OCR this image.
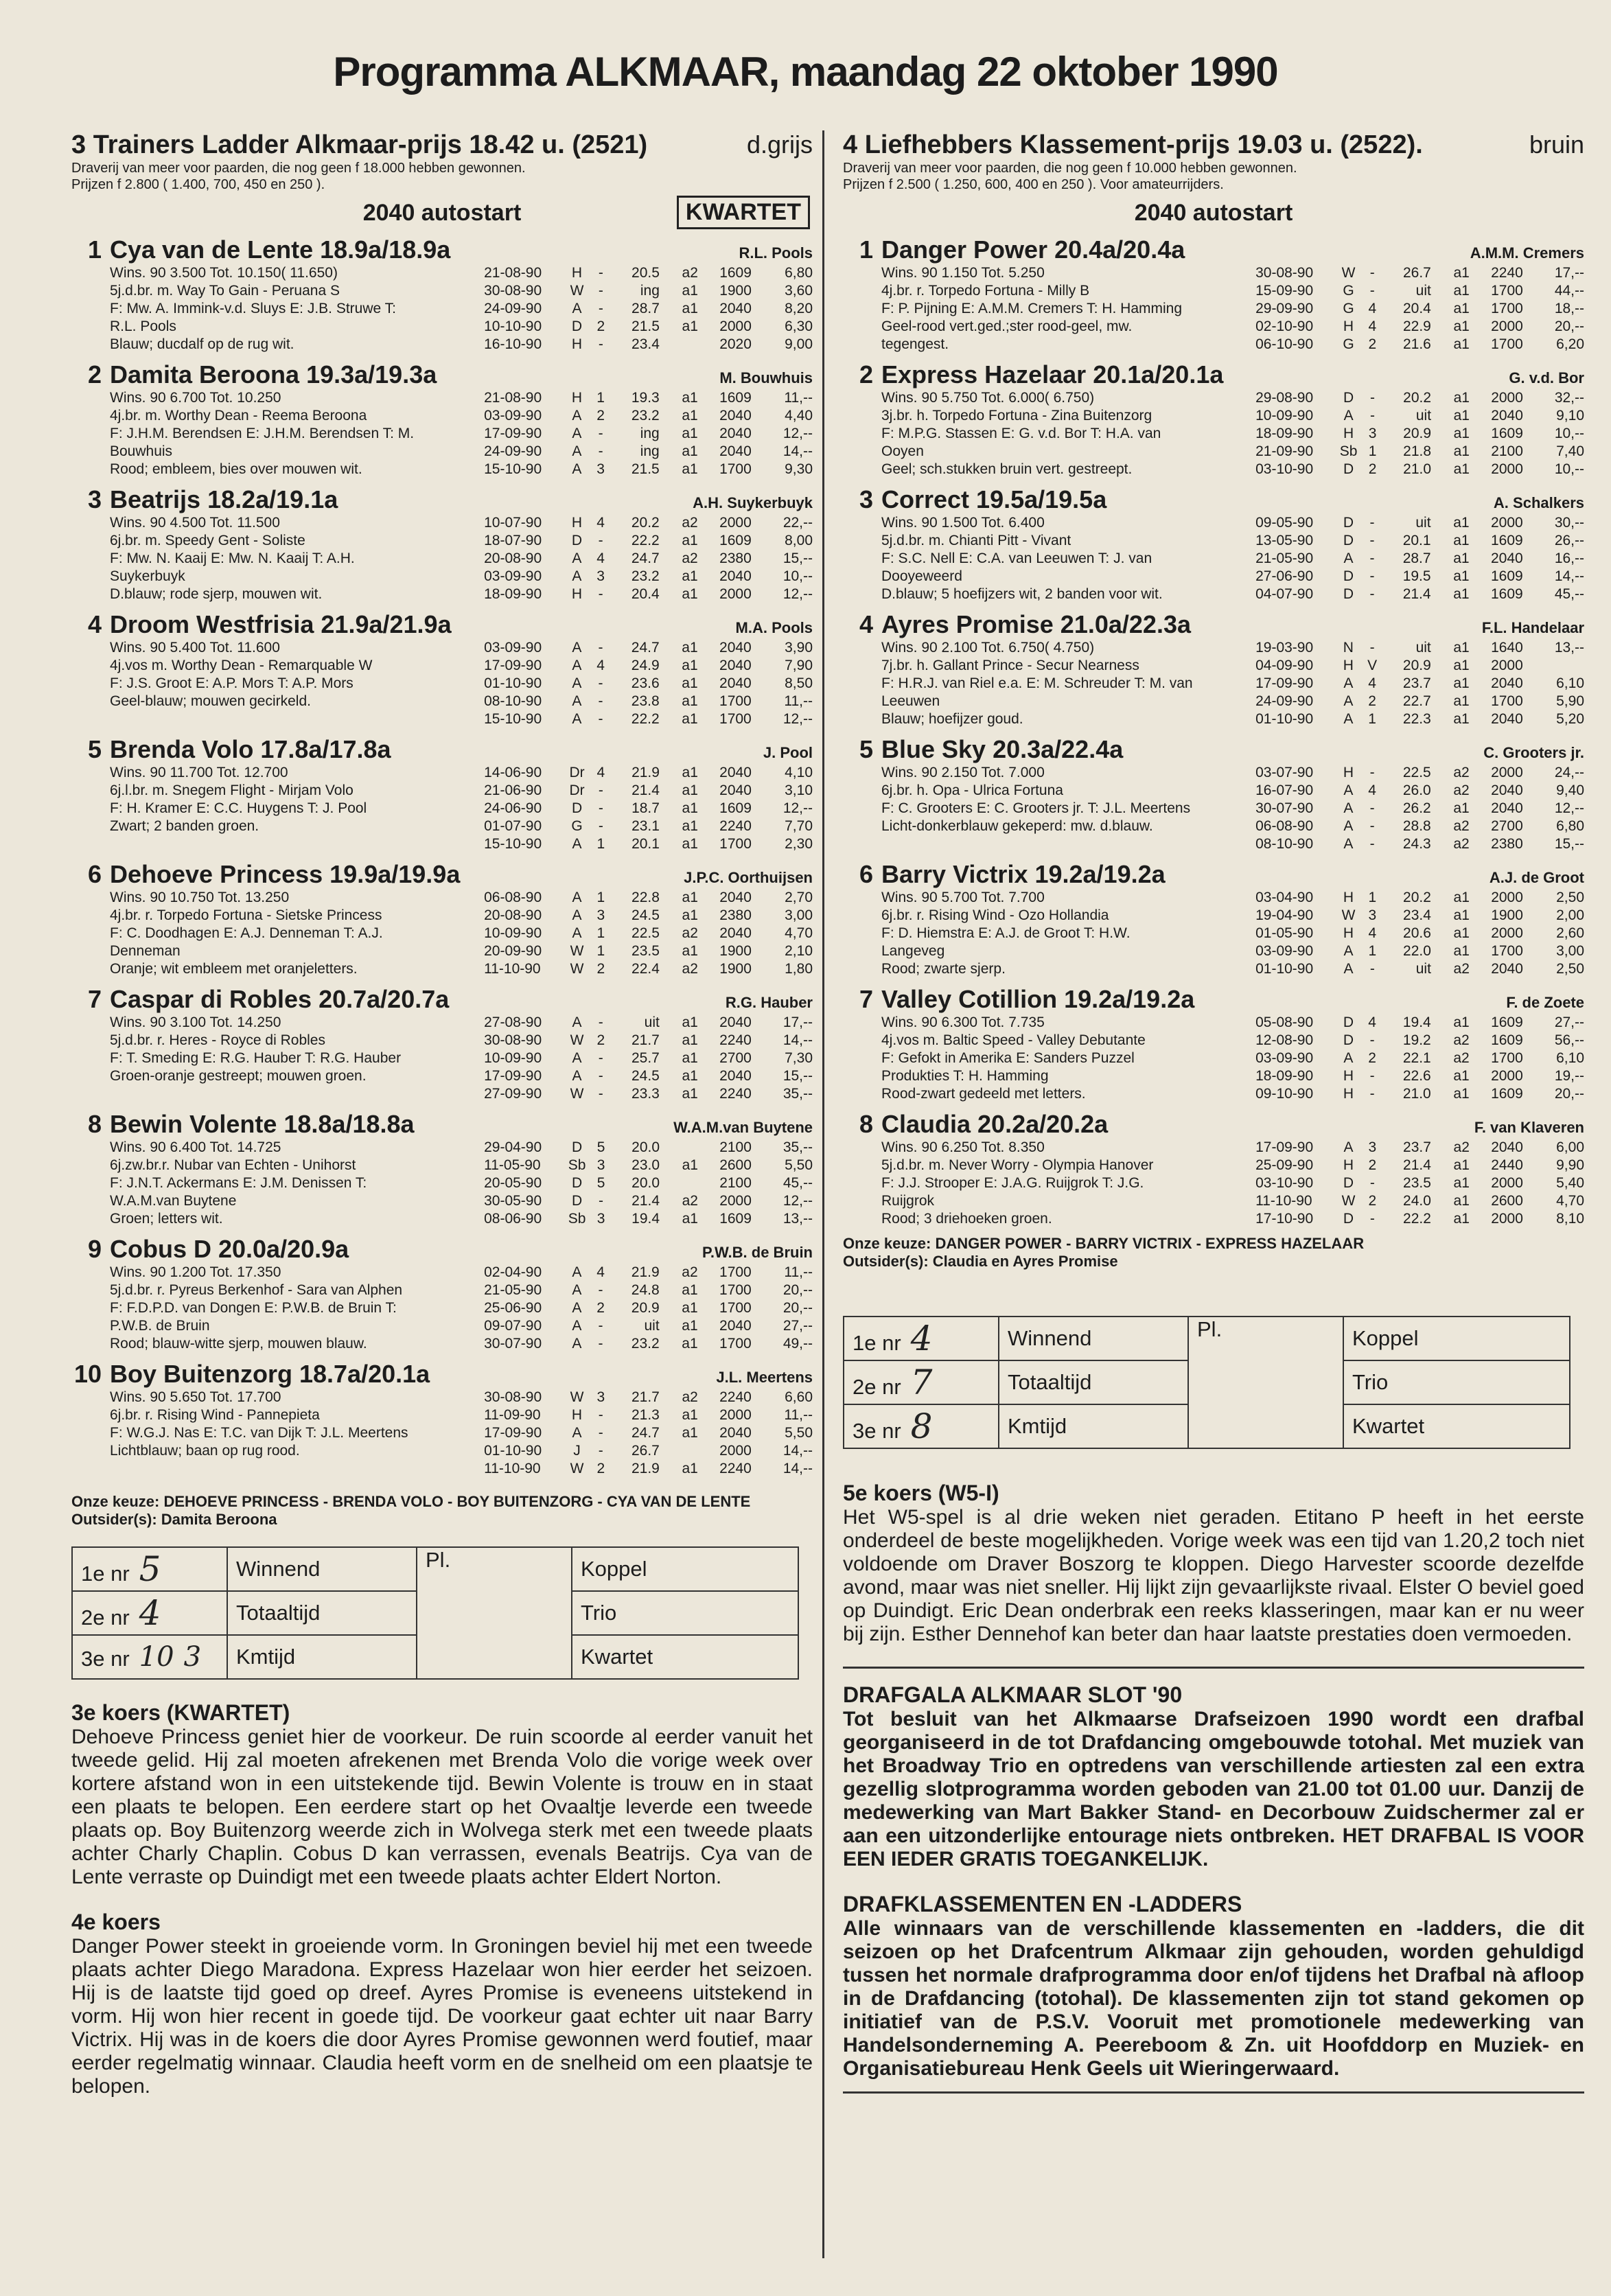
Programma ALKMAAR, maandag 22 oktober 1990
3 Trainers Ladder Alkmaar-prijs 18.42 u. (2521)	d.grijs
Draverij van meer voor paarden, die nog geen f 18.000 hebben gewonnen.
Prijzen f 2.800 ( 1.400, 700, 450 en 250 ).
2040 autostart	KWARTET
1 Cya van de Lente 18.9a/18.9a	R.L. Pools
Wins. 90 3.500 Tot. 10.150( 11.650)
5j.d.br. m. Way To Gain - Peruana S
F: Mw. A. Immink-v.d. Sluys E: J.B. Struwe T:
R.L. Pools
Blauw; ducdalf op de rug wit.
21-08-90	H	-	20.5	a2	1609	6,80
30-08-90	W	-	ing	a1	1900	3,60
24-09-90	A	-	28.7	a1	2040	8,20
10-10-90	D	2	21.5	a1	2000	6,30
16-10-90	H	-	23.4		2020	9,00
2 Damita Beroona 19.3a/19.3a	M. Bouwhuis
Wins. 90 6.700 Tot. 10.250
4j.br. m. Worthy Dean - Reema Beroona
F: J.H.M. Berendsen E: J.H.M. Berendsen T: M.
Bouwhuis
Rood; embleem, bies over mouwen wit.
21-08-90	H	1	19.3	a1	1609	11,--
03-09-90	A	2	23.2	a1	2040	4,40
17-09-90	A	-	ing	a1	2040	12,--
24-09-90	A	-	ing	a1	2040	14,--
15-10-90	A	3	21.5	a1	1700	9,30
3 Beatrijs 18.2a/19.1a	A.H. Suykerbuyk
Wins. 90 4.500 Tot. 11.500
6j.br. m. Speedy Gent - Soliste
F: Mw. N. Kaaij E: Mw. N. Kaaij T: A.H.
Suykerbuyk
D.blauw; rode sjerp, mouwen wit.
10-07-90	H	4	20.2	a2	2000	22,--
18-07-90	D	-	22.2	a1	1609	8,00
20-08-90	A	4	24.7	a2	2380	15,--
03-09-90	A	3	23.2	a1	2040	10,--
18-09-90	H	-	20.4	a1	2000	12,--
4 Droom Westfrisia 21.9a/21.9a	M.A. Pools
Wins. 90 5.400 Tot. 11.600
4j.vos m. Worthy Dean - Remarquable W
F: J.S. Groot E: A.P. Mors T: A.P. Mors
Geel-blauw; mouwen gecirkeld.
03-09-90	A	-	24.7	a1	2040	3,90
17-09-90	A	4	24.9	a1	2040	7,90
01-10-90	A	-	23.6	a1	2040	8,50
08-10-90	A	-	23.8	a1	1700	11,--
15-10-90	A	-	22.2	a1	1700	12,--
5 Brenda Volo 17.8a/17.8a	J. Pool
Wins. 90 11.700 Tot. 12.700
6j.l.br. m. Snegem Flight - Mirjam Volo
F: H. Kramer E: C.C. Huygens T: J. Pool
Zwart; 2 banden groen.
14-06-90	Dr	4	21.9	a1	2040	4,10
21-06-90	Dr	-	21.4	a1	2040	3,10
24-06-90	D	-	18.7	a1	1609	12,--
01-07-90	G	-	23.1	a1	2240	7,70
15-10-90	A	1	20.1	a1	1700	2,30
6 Dehoeve Princess 19.9a/19.9a	J.P.C. Oorthuijsen
Wins. 90 10.750 Tot. 13.250
4j.br. r. Torpedo Fortuna - Sietske Princess
F: C. Doodhagen E: A.J. Denneman T: A.J.
Denneman
Oranje; wit embleem met oranjeletters.
06-08-90	A	1	22.8	a1	2040	2,70
20-08-90	A	3	24.5	a1	2380	3,00
10-09-90	A	1	22.5	a2	2040	4,70
20-09-90	W	1	23.5	a1	1900	2,10
11-10-90	W	2	22.4	a2	1900	1,80
7 Caspar di Robles 20.7a/20.7a	R.G. Hauber
Wins. 90 3.100 Tot. 14.250
5j.d.br. r. Heres - Royce di Robles
F: T. Smeding E: R.G. Hauber T: R.G. Hauber
Groen-oranje gestreept; mouwen groen.
27-08-90	A	-	uit	a1	2040	17,--
30-08-90	W	2	21.7	a1	2240	14,--
10-09-90	A	-	25.7	a1	2700	7,30
17-09-90	A	-	24.5	a1	2040	15,--
27-09-90	W	-	23.3	a1	2240	35,--
8 Bewin Volente 18.8a/18.8a	W.A.M.van Buytene
Wins. 90 6.400 Tot. 14.725
6j.zw.br.r. Nubar van Echten - Unihorst
F: J.N.T. Ackermans E: J.M. Denissen T:
W.A.M.van Buytene
Groen; letters wit.
29-04-90	D	5	20.0		2100	35,--
11-05-90	Sb	3	23.0	a1	2600	5,50
20-05-90	D	5	20.0		2100	45,--
30-05-90	D	-	21.4	a2	2000	12,--
08-06-90	Sb	3	19.4	a1	1609	13,--
9 Cobus D 20.0a/20.9a	P.W.B. de Bruin
Wins. 90 1.200 Tot. 17.350
5j.d.br. r. Pyreus Berkenhof - Sara van Alphen
F: F.D.P.D. van Dongen E: P.W.B. de Bruin T:
P.W.B. de Bruin
Rood; blauw-witte sjerp, mouwen blauw.
02-04-90	A	4	21.9	a2	1700	11,--
21-05-90	A	-	24.8	a1	1700	20,--
25-06-90	A	2	20.9	a1	1700	20,--
09-07-90	A	-	uit	a1	2040	27,--
30-07-90	A	-	23.2	a1	1700	49,--
10 Boy Buitenzorg 18.7a/20.1a	J.L. Meertens
Wins. 90 5.650 Tot. 17.700
6j.br. r. Rising Wind - Pannepieta
F: W.G.J. Nas E: T.C. van Dijk T: J.L. Meertens
Lichtblauw; baan op rug rood.
30-08-90	W	3	21.7	a2	2240	6,60
11-09-90	H	-	21.3	a1	2000	11,--
17-09-90	A	-	24.7	a1	2040	5,50
01-10-90	J	-	26.7		2000	14,--
11-10-90	W	2	21.9	a1	2240	14,--
Onze keuze: DEHOEVE PRINCESS - BRENDA VOLO - BOY BUITENZORG - CYA VAN DE LENTE
Outsider(s): Damita Beroona
1e nr 5	Winnend	Pl.	Koppel
2e nr 4	Totaaltijd		Trio
3e nr 10 3	Kmtijd		Kwartet
3e koers (KWARTET)
Dehoeve Princess geniet hier de voorkeur. De ruin scoorde al eerder vanuit het tweede gelid. Hij zal moeten afrekenen met Brenda Volo die vorige week over kortere afstand won in een uitstekende tijd. Bewin Volente is trouw en in staat een plaats te belopen. Een eerdere start op het Ovaaltje leverde een tweede plaats op. Boy Buitenzorg weerde zich in Wolvega sterk met een tweede plaats achter Charly Chaplin. Cobus D kan verrassen, evenals Beatrijs. Cya van de Lente verraste op Duindigt met een tweede plaats achter Eldert Norton.
4e koers
Danger Power steekt in groeiende vorm. In Groningen beviel hij met een tweede plaats achter Diego Maradona. Express Hazelaar won hier eerder het seizoen. Hij is de laatste tijd goed op dreef. Ayres Promise is eveneens uitstekend in vorm. Hij won hier recent in goede tijd. De voorkeur gaat echter uit naar Barry Victrix. Hij was in de koers die door Ayres Promise gewonnen werd foutief, maar eerder regelmatig winnaar. Claudia heeft vorm en de snelheid om een plaatsje te belopen.
4 Liefhebbers Klassement-prijs 19.03 u. (2522).	bruin
Draverij van meer voor paarden, die nog geen f 10.000 hebben gewonnen.
Prijzen f 2.500 ( 1.250, 600, 400 en 250 ). Voor amateurrijders.
2040 autostart
1 Danger Power 20.4a/20.4a	A.M.M. Cremers
Wins. 90 1.150 Tot. 5.250
4j.br. r. Torpedo Fortuna - Milly B
F: P. Pijning E: A.M.M. Cremers T: H. Hamming
Geel-rood vert.ged.;ster rood-geel, mw.
tegengest.
30-08-90	W	-	26.7	a1	2240	17,--
15-09-90	G	-	uit	a1	1700	44,--
29-09-90	G	4	20.4	a1	1700	18,--
02-10-90	H	4	22.9	a1	2000	20,--
06-10-90	G	2	21.6	a1	1700	6,20
2 Express Hazelaar 20.1a/20.1a	G. v.d. Bor
Wins. 90 5.750 Tot. 6.000( 6.750)
3j.br. h. Torpedo Fortuna - Zina Buitenzorg
F: M.P.G. Stassen E: G. v.d. Bor T: H.A. van
Ooyen
Geel; sch.stukken bruin vert. gestreept.
29-08-90	D	-	20.2	a1	2000	32,--
10-09-90	A	-	uit	a1	2040	9,10
18-09-90	H	3	20.9	a1	1609	10,--
21-09-90	Sb	1	21.8	a1	2100	7,40
03-10-90	D	2	21.0	a1	2000	10,--
3 Correct 19.5a/19.5a	A. Schalkers
Wins. 90 1.500 Tot. 6.400
5j.d.br. m. Chianti Pitt - Vivant
F: S.C. Nell E: C.A. van Leeuwen T: J. van
Dooyeweerd
D.blauw; 5 hoefijzers wit, 2 banden voor wit.
09-05-90	D	-	uit	a1	2000	30,--
13-05-90	D	-	20.1	a1	1609	26,--
21-05-90	A	-	28.7	a1	2040	16,--
27-06-90	D	-	19.5	a1	1609	14,--
04-07-90	D	-	21.4	a1	1609	45,--
4 Ayres Promise 21.0a/22.3a	F.L. Handelaar
Wins. 90 2.100 Tot. 6.750( 4.750)
7j.br. h. Gallant Prince - Secur Nearness
F: H.R.J. van Riel e.a. E: M. Schreuder T: M. van
Leeuwen
Blauw; hoefijzer goud.
19-03-90	N	-	uit	a1	1640	13,--
04-09-90	H	V	20.9	a1	2000	
17-09-90	A	4	23.7	a1	2040	6,10
24-09-90	A	2	22.7	a1	1700	5,90
01-10-90	A	1	22.3	a1	2040	5,20
5 Blue Sky 20.3a/22.4a	C. Grooters jr.
Wins. 90 2.150 Tot. 7.000
6j.br. h. Opa - Ulrica Fortuna
F: C. Grooters E: C. Grooters jr. T: J.L. Meertens
Licht-donkerblauw gekeperd: mw. d.blauw.
03-07-90	H	-	22.5	a2	2000	24,--
16-07-90	A	4	26.0	a2	2040	9,40
30-07-90	A	-	26.2	a1	2040	12,--
06-08-90	A	-	28.8	a2	2700	6,80
08-10-90	A	-	24.3	a2	2380	15,--
6 Barry Victrix 19.2a/19.2a	A.J. de Groot
Wins. 90 5.700 Tot. 7.700
6j.br. r. Rising Wind - Ozo Hollandia
F: D. Hiemstra E: A.J. de Groot T: H.W.
Langeveg
Rood; zwarte sjerp.
03-04-90	H	1	20.2	a1	2000	2,50
19-04-90	W	3	23.4	a1	1900	2,00
01-05-90	H	4	20.6	a1	2000	2,60
03-09-90	A	1	22.0	a1	1700	3,00
01-10-90	A	-	uit	a2	2040	2,50
7 Valley Cotillion 19.2a/19.2a	F. de Zoete
Wins. 90 6.300 Tot. 7.735
4j.vos m. Baltic Speed - Valley Debutante
F: Gefokt in Amerika E: Sanders Puzzel
Produkties T: H. Hamming
Rood-zwart gedeeld met letters.
05-08-90	D	4	19.4	a1	1609	27,--
12-08-90	D	-	19.2	a2	1609	56,--
03-09-90	A	2	22.1	a2	1700	6,10
18-09-90	H	-	22.6	a1	2000	19,--
09-10-90	H	-	21.0	a1	1609	20,--
8 Claudia 20.2a/20.2a	F. van Klaveren
Wins. 90 6.250 Tot. 8.350
5j.d.br. m. Never Worry - Olympia Hanover
F: J.J. Strooper E: J.A.G. Ruijgrok T: J.G.
Ruijgrok
Rood; 3 driehoeken groen.
17-09-90	A	3	23.7	a2	2040	6,00
25-09-90	H	2	21.4	a1	2440	9,90
03-10-90	D	-	23.5	a1	2000	5,40
11-10-90	W	2	24.0	a1	2600	4,70
17-10-90	D	-	22.2	a1	2000	8,10
Onze keuze: DANGER POWER - BARRY VICTRIX - EXPRESS HAZELAAR
Outsider(s): Claudia en Ayres Promise
1e nr 4	Winnend	Pl.	Koppel
2e nr 7	Totaaltijd		Trio
3e nr 8	Kmtijd		Kwartet
5e koers (W5-I)
Het W5-spel is al drie weken niet geraden. Etitano P heeft in het eerste onderdeel de beste mogelijkheden. Vorige week was een tijd van 1.20,2 toch niet voldoende om Draver Boszorg te kloppen. Diego Harvester scoorde dezelfde avond, maar was niet sneller. Hij lijkt zijn gevaarlijkste rivaal. Elster O beviel goed op Duindigt. Eric Dean onderbrak een reeks klasseringen, maar kan er nu weer bij zijn. Esther Dennehof kan beter dan haar laatste prestaties doen vermoeden.
DRAFGALA ALKMAAR SLOT '90
Tot besluit van het Alkmaarse Drafseizoen 1990 wordt een drafbal georganiseerd in de tot Drafdancing omgebouwde totohal. Met muziek van het Broadway Trio en optredens van verschillende artiesten zal een extra gezellig slotprogramma worden geboden van 21.00 tot 01.00 uur. Danzij de medewerking van Mart Bakker Stand- en Decorbouw Zuidschermer zal er aan een uitzonderlijke entourage niets ontbreken. HET DRAFBAL IS VOOR EEN IEDER GRATIS TOEGANKELIJK.
DRAFKLASSEMENTEN EN -LADDERS
Alle winnaars van de verschillende klassementen en -ladders, die dit seizoen op het Drafcentrum Alkmaar zijn gehouden, worden gehuldigd tussen het normale drafprogramma door en/of tijdens het Drafbal nà afloop in de Drafdancing (totohal). De klassementen zijn tot stand gekomen op initiatief van de P.S.V. Vooruit met promotionele medewerking van Handelsonderneming A. Peereboom & Zn. uit Hoofddorp en Muziek- en Organisatiebureau Henk Geels uit Wieringerwaard.
